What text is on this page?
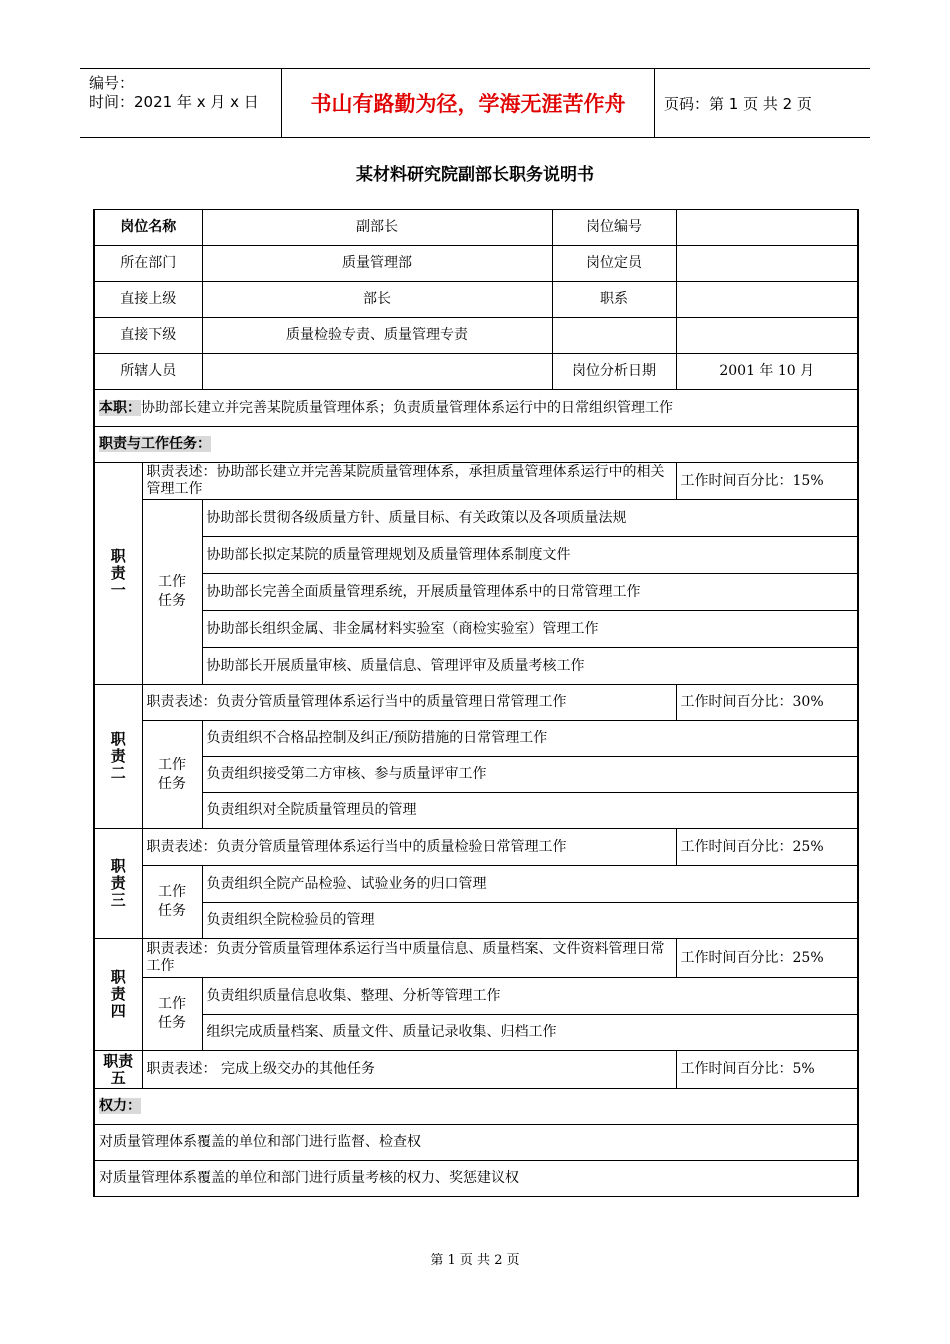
编号：
时间：2021 年 x 月 x 日	书山有路勤为径，学海无涯苦作舟	页码：第 1 页 共 2 页
某材料研究院副部长职务说明书
岗位名称		副部长	岗位编号	
所在部门		质量管理部	岗位定员	
直接上级		部长	职系	
直接下级		质量检验专责、质量管理专责		
所辖人员			岗位分析日期	2001 年 10 月
本职：协助部长建立并完善某院质量管理体系；负责质量管理体系运行中的日常组织管理工作				
职责与工作任务：				
职
责
一	职责表述：协助部长建立并完善某院质量管理体系，承担质量管理体系运行中的相关管理工作			工作时间百分比：15%
	工作
任务	协助部长贯彻各级质量方针、质量目标、有关政策以及各项质量法规		
		协助部长拟定某院的质量管理规划及质量管理体系制度文件		
		协助部长完善全面质量管理系统，开展质量管理体系中的日常管理工作		
		协助部长组织金属、非金属材料实验室（商检实验室）管理工作		
		协助部长开展质量审核、质量信息、管理评审及质量考核工作		
职
责
二	职责表述：负责分管质量管理体系运行当中的质量管理日常管理工作			工作时间百分比：30%
	工作
任务	负责组织不合格品控制及纠正/预防措施的日常管理工作		
		负责组织接受第二方审核、参与质量评审工作		
		负责组织对全院质量管理员的管理		
职
责
三	职责表述：负责分管质量管理体系运行当中的质量检验日常管理工作			工作时间百分比：25%
	工作
任务	负责组织全院产品检验、试验业务的归口管理		
		负责组织全院检验员的管理		
职
责
四	职责表述：负责分管质量管理体系运行当中质量信息、质量档案、文件资料管理日常工作			工作时间百分比：25%
	工作
任务	负责组织质量信息收集、整理、分析等管理工作		
		组织完成质量档案、质量文件、质量记录收集、归档工作		
职责
五	职责表述： 完成上级交办的其他任务			工作时间百分比：5%
权力：				
对质量管理体系覆盖的单位和部门进行监督、检查权				
对质量管理体系覆盖的单位和部门进行质量考核的权力、奖惩建议权				
第 1 页 共 2 页
